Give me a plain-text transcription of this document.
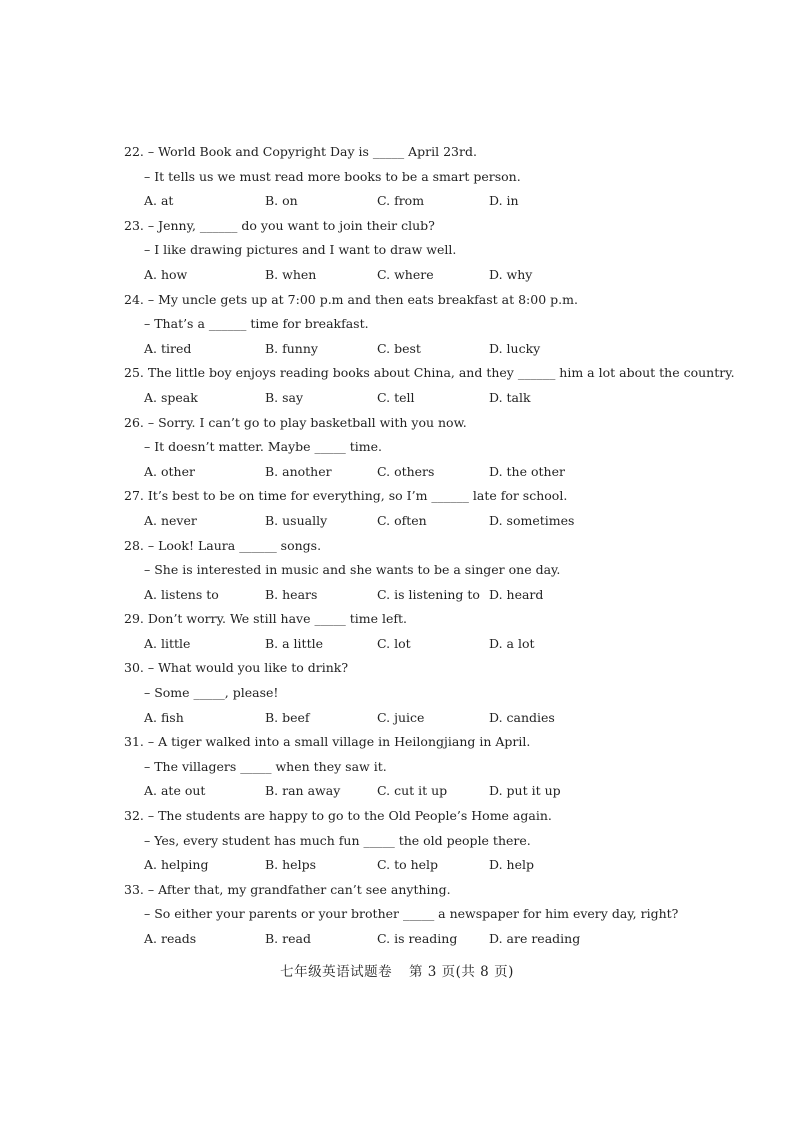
22. – World Book and Copyright Day is _____ April 23rd.
– It tells us we must read more books to be a smart person.
A. at	B. on	C. from	D. in
23. – Jenny, ______ do you want to join their club?
– I like drawing pictures and I want to draw well.
A. how	B. when	C. where	D. why
24. – My uncle gets up at 7:00 p.m and then eats breakfast at 8:00 p.m.
– That’s a ______ time for breakfast.
A. tired	B. funny	C. best	D. lucky
25. The little boy enjoys reading books about China, and they ______ him a lot about the country.
A. speak	B. say	C. tell	D. talk
26. – Sorry. I can’t go to play basketball with you now.
– It doesn’t matter. Maybe _____ time.
A. other	B. another	C. others	D. the other
27. It’s best to be on time for everything, so I’m ______ late for school.
A. never	B. usually	C. often	D. sometimes
28. – Look! Laura ______ songs.
– She is interested in music and she wants to be a singer one day.
A. listens to	B. hears	C. is listening to D. heard
29. Don’t worry. We still have _____ time left.
A. little	B. a little	C. lot	D. a lot
30. – What would you like to drink?
– Some _____, please!
A. fish	B. beef	C. juice	D. candies
31. – A tiger walked into a small village in Heilongjiang in April.
– The villagers _____ when they saw it.
A. ate out	B. ran away	C. cut it up	D. put it up
32. – The students are happy to go to the Old People’s Home again.
– Yes, every student has much fun _____ the old people there.
A. helping	B. helps	C. to help	D. help
33. – After that, my grandfather can’t see anything.
– So either your parents or your brother _____ a newspaper for him every day, right?
A. reads	B. read	C. is reading	D. are reading
七年级英语试题卷 第 3 页(共 8 页)
